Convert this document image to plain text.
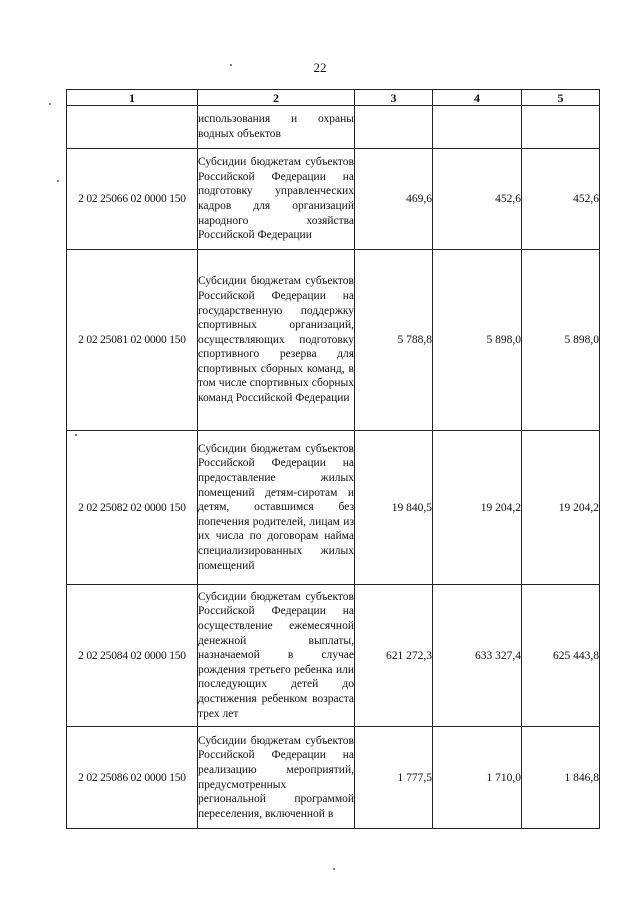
22
1	2	3	4	5
	использования и охраны водных объектов			
2 02 25066 02 0000 150	Субсидии бюджетам субъектов Российской Федерации на подготовку управленческих кадров для организаций народного хозяйства Российской Федерации	469,6	452,6	452,6
2 02 25081 02 0000 150	Субсидии бюджетам субъектов Российской Федерации на государственную поддержку спортивных организаций, осуществляющих подготовку спортивного резерва для спортивных сборных команд, в том числе спортивных сборных команд Российской Федерации	5 788,8	5 898,0	5 898,0
2 02 25082 02 0000 150	Субсидии бюджетам субъектов Российской Федерации на предоставление жилых помещений детям-сиротам и детям, оставшимся без попечения родителей, лицам из их числа по договорам найма специализированных жилых помещений	19 840,5	19 204,2	19 204,2
2 02 25084 02 0000 150	Субсидии бюджетам субъектов Российской Федерации на осуществление ежемесячной денежной выплаты, назначаемой в случае рождения третьего ребенка или последующих детей до достижения ребенком возраста трех лет	621 272,3	633 327,4	625 443,8
2 02 25086 02 0000 150	Субсидии бюджетам субъектов Российской Федерации на реализацию мероприятий, предусмотренных региональной программой переселения, включенной в	1 777,5	1 710,0	1 846,8
